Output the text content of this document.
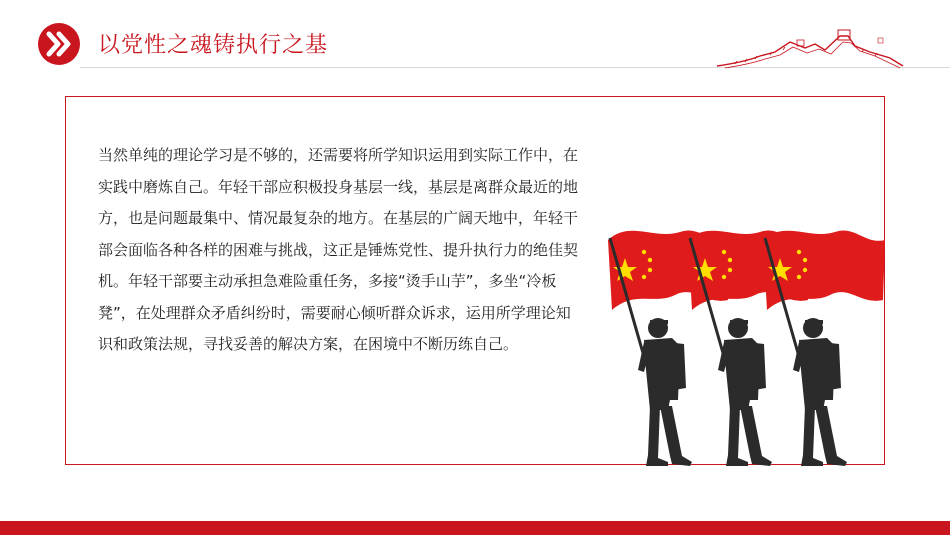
以党性之魂铸执行之基

当然单纯的理论学习是不够的，还需要将所学知识运用到实际工作中，在实践中磨炼自己。年轻干部应积极投身基层一线，基层是离群众最近的地方，也是问题最集中、情况最复杂的地方。在基层的广阔天地中，年轻干部会面临各种各样的困难与挑战，这正是锤炼党性、提升执行力的绝佳契机。年轻干部要主动承担急难险重任务，多接“烫手山芋”，多坐“冷板凳”，在处理群众矛盾纠纷时，需要耐心倾听群众诉求，运用所学理论知识和政策法规，寻找妥善的解决方案，在困境中不断历练自己。
